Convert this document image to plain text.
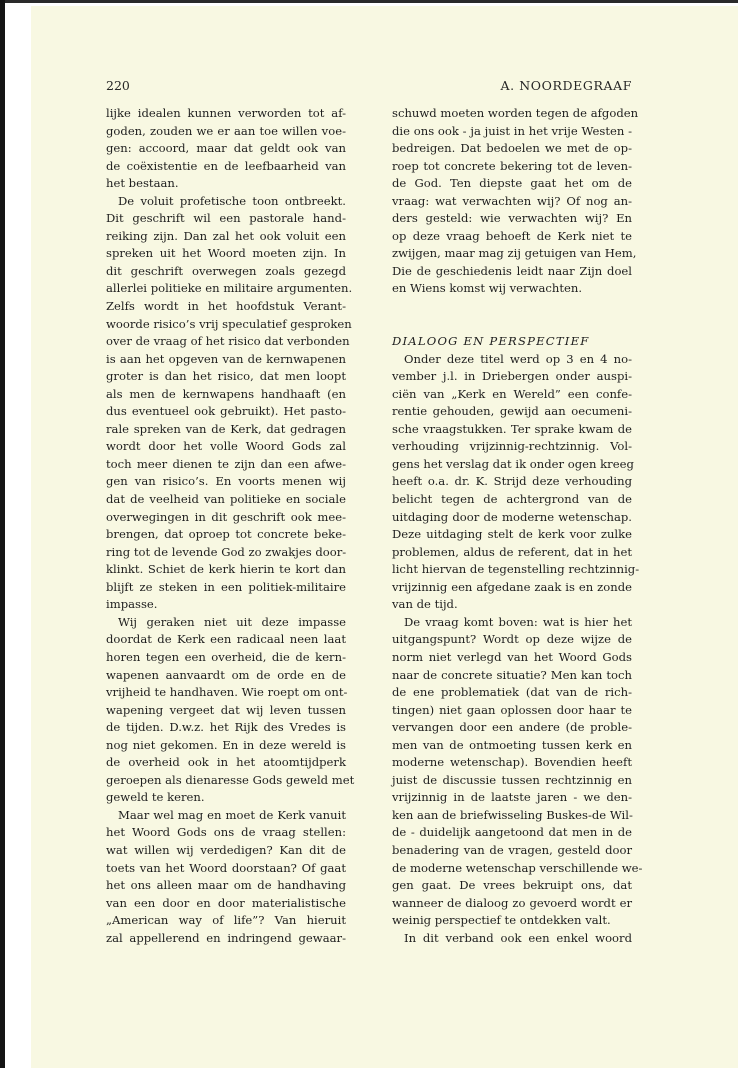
220	A. NOORDEGRAAF
lijke idealen kunnen verworden tot af-
goden, zouden we er aan toe willen voe-
gen: accoord, maar dat geldt ook van
de coëxistentie en de leefbaarheid van
het bestaan.
De voluit profetische toon ontbreekt.
Dit geschrift wil een pastorale hand-
reiking zijn. Dan zal het ook voluit een
spreken uit het Woord moeten zijn. In
dit geschrift overwegen zoals gezegd
allerlei politieke en militaire argumenten.
Zelfs wordt in het hoofdstuk Verant-
woorde risico’s vrij speculatief gesproken
over de vraag of het risico dat verbonden
is aan het opgeven van de kernwapenen
groter is dan het risico, dat men loopt
als men de kernwapens handhaaft (en
dus eventueel ook gebruikt). Het pasto-
rale spreken van de Kerk, dat gedragen
wordt door het volle Woord Gods zal
toch meer dienen te zijn dan een afwe-
gen van risico’s. En voorts menen wij
dat de veelheid van politieke en sociale
overwegingen in dit geschrift ook mee-
brengen, dat oproep tot concrete beke-
ring tot de levende God zo zwakjes door-
klinkt. Schiet de kerk hierin te kort dan
blijft ze steken in een politiek-militaire
impasse.
Wij geraken niet uit deze impasse
doordat de Kerk een radicaal neen laat
horen tegen een overheid, die de kern-
wapenen aanvaardt om de orde en de
vrijheid te handhaven. Wie roept om ont-
wapening vergeet dat wij leven tussen
de tijden. D.w.z. het Rijk des Vredes is
nog niet gekomen. En in deze wereld is
de overheid ook in het atoomtijdperk
geroepen als dienaresse Gods geweld met
geweld te keren.
Maar wel mag en moet de Kerk vanuit
het Woord Gods ons de vraag stellen:
wat willen wij verdedigen? Kan dit de
toets van het Woord doorstaan? Of gaat
het ons alleen maar om de handhaving
van een door en door materialistische
„American way of life”? Van hieruit
zal appellerend en indringend gewaar-
schuwd moeten worden tegen de afgoden
die ons ook - ja juist in het vrije Westen -
bedreigen. Dat bedoelen we met de op-
roep tot concrete bekering tot de leven-
de God. Ten diepste gaat het om de
vraag: wat verwachten wij? Of nog an-
ders gesteld: wie verwachten wij? En
op deze vraag behoeft de Kerk niet te
zwijgen, maar mag zij getuigen van Hem,
Die de geschiedenis leidt naar Zijn doel
en Wiens komst wij verwachten.
DIALOOG EN PERSPECTIEF
Onder deze titel werd op 3 en 4 no-
vember j.l. in Driebergen onder auspi-
ciën van „Kerk en Wereld” een confe-
rentie gehouden, gewijd aan oecumeni-
sche vraagstukken. Ter sprake kwam de
verhouding vrijzinnig-rechtzinnig. Vol-
gens het verslag dat ik onder ogen kreeg
heeft o.a. dr. K. Strijd deze verhouding
belicht tegen de achtergrond van de
uitdaging door de moderne wetenschap.
Deze uitdaging stelt de kerk voor zulke
problemen, aldus de referent, dat in het
licht hiervan de tegenstelling rechtzinnig-
vrijzinnig een afgedane zaak is en zonde
van de tijd.
De vraag komt boven: wat is hier het
uitgangspunt? Wordt op deze wijze de
norm niet verlegd van het Woord Gods
naar de concrete situatie? Men kan toch
de ene problematiek (dat van de rich-
tingen) niet gaan oplossen door haar te
vervangen door een andere (de proble-
men van de ontmoeting tussen kerk en
moderne wetenschap). Bovendien heeft
juist de discussie tussen rechtzinnig en
vrijzinnig in de laatste jaren - we den-
ken aan de briefwisseling Buskes-de Wil-
de - duidelijk aangetoond dat men in de
benadering van de vragen, gesteld door
de moderne wetenschap verschillende we-
gen gaat. De vrees bekruipt ons, dat
wanneer de dialoog zo gevoerd wordt er
weinig perspectief te ontdekken valt.
In dit verband ook een enkel woord
